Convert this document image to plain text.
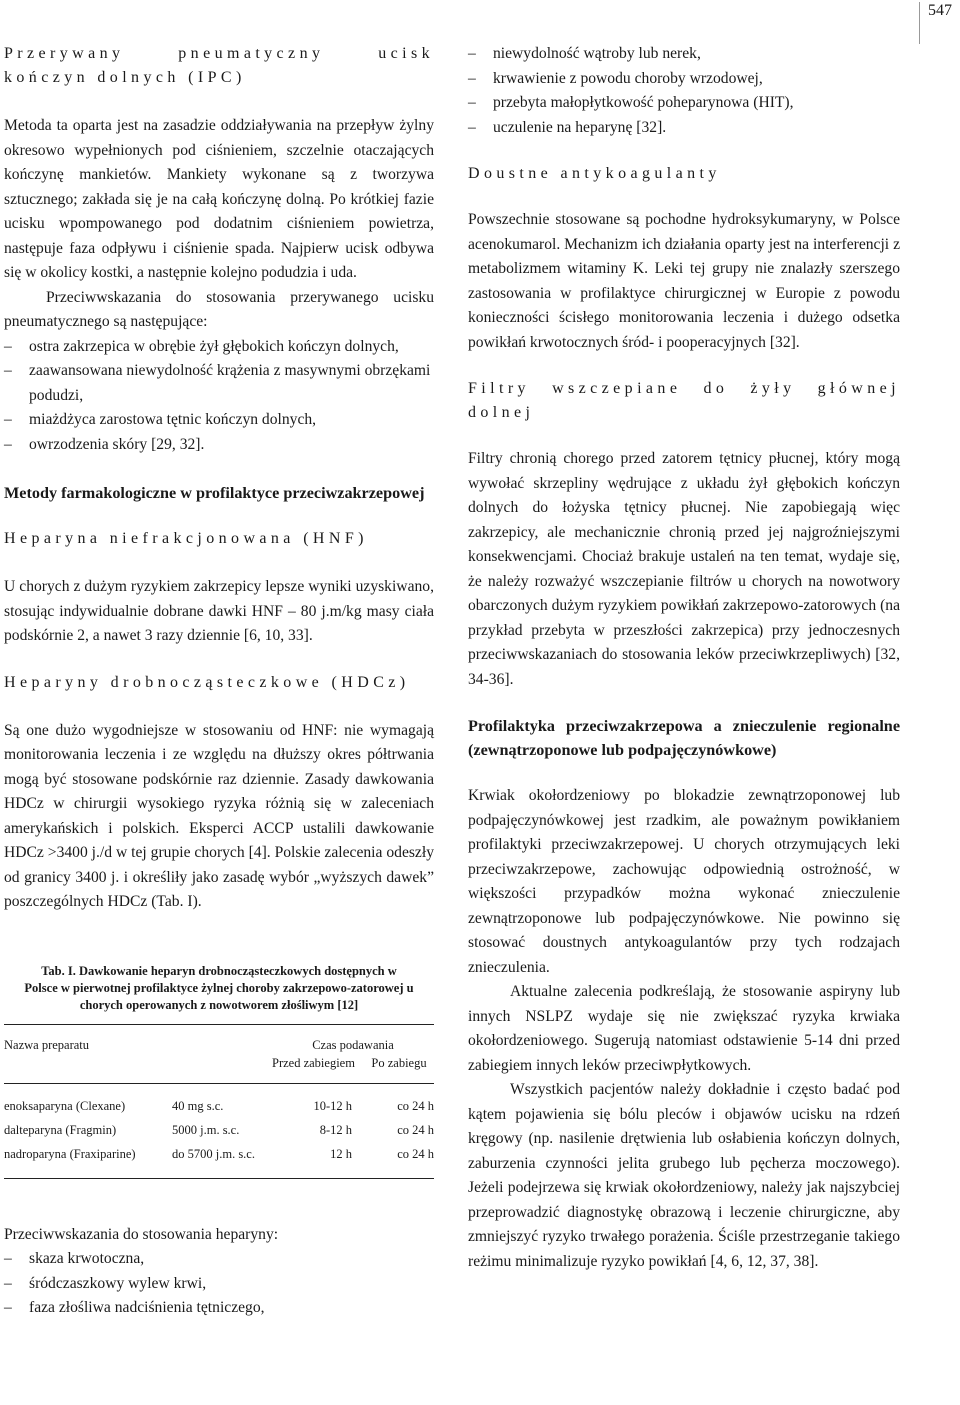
547

Przerywany pneumatyczny ucisk kończyn dolnych (IPC)

Metoda ta oparta jest na zasadzie oddziaływania na przepływ żylny okresowo wypełnionych pod ciśnieniem, szczelnie otaczających kończynę mankietów. Mankiety wykonane są z tworzywa sztucznego; zakłada się je na całą kończynę dolną. Po krótkiej fazie ucisku wpompowanego pod dodatnim ciśnieniem powietrza, następuje faza odpływu i ciśnienie spada. Najpierw ucisk odbywa się w okolicy kostki, a następnie kolejno podudzia i uda.

Przeciwwskazania do stosowania przerywanego ucisku pneumatycznego są następujące:

– ostra zakrzepica w obrębie żył głębokich kończyn dolnych,
– zaawansowana niewydolność krążenia z masywnymi obrzękami podudzi,
– miażdżyca zarostowa tętnic kończyn dolnych,
– owrzodzenia skóry [29, 32].

Metody farmakologiczne w profilaktyce przeciwzakrzepowej

Heparyna niefrakcjonowana (HNF)

U chorych z dużym ryzykiem zakrzepicy lepsze wyniki uzyskiwano, stosując indywidualnie dobrane dawki HNF – 80 j.m/kg masy ciała podskórnie 2, a nawet 3 razy dziennie [6, 10, 33].

Heparyny drobnocząsteczkowe (HDCz)

Są one dużo wygodniejsze w stosowaniu od HNF: nie wymagają monitorowania leczenia i ze względu na dłuższy okres półtrwania mogą być stosowane podskórnie raz dziennie. Zasady dawkowania HDCz w chirurgii wysokiego ryzyka różnią się w zaleceniach amerykańskich i polskich. Eksperci ACCP ustalili dawkowanie HDCz >3400 j./d w tej grupie chorych [4]. Polskie zalecenia odeszły od granicy 3400 j. i określiły jako zasadę wybór „wyższych dawek” poszczególnych HDCz (Tab. I).

Tab. I. Dawkowanie heparyn drobnocząsteczkowych dostępnych w Polsce w pierwotnej profilaktyce żylnej choroby zakrzepowo-zatorowej u chorych operowanych z nowotworem złośliwym [12]

Nazwa preparatu		Czas podawania
Przed zabiegiem Po zabiegu	

enoksaparyna (Clexane)	40 mg s.c.	10-12 h	co 24 h
dalteparyna (Fragmin)	5000 j.m. s.c.	8-12 h	co 24 h
nadroparyna (Fraxiparine)	do 5700 j.m. s.c.	12 h	co 24 h

Przeciwwskazania do stosowania heparyny:

– skaza krwotoczna,
– śródczaszkowy wylew krwi,
– faza złośliwa nadciśnienia tętniczego,
– niewydolność wątroby lub nerek,
– krwawienie z powodu choroby wrzodowej,
– przebyta małopłytkowość poheparynowa (HIT),
– uczulenie na heparynę [32].

Doustne antykoagulanty

Powszechnie stosowane są pochodne hydroksykumaryny, w Polsce acenokumarol. Mechanizm ich działania oparty jest na interferencji z metabolizmem witaminy K. Leki tej grupy nie znalazły szerszego zastosowania w profilaktyce chirurgicznej w Europie z powodu konieczności ścisłego monitorowania leczenia i dużego odsetka powikłań krwotocznych śród- i pooperacyjnych [32].

Filtry wszczepiane do żyły głównej dolnej

Filtry chronią chorego przed zatorem tętnicy płucnej, który mogą wywołać skrzepliny wędrujące z układu żył głębokich kończyn dolnych do łożyska tętnicy płucnej. Nie zapobiegają więc zakrzepicy, ale mechanicznie chronią przed jej najgroźniejszymi konsekwencjami. Chociaż brakuje ustaleń na ten temat, wydaje się, że należy rozważyć wszczepianie filtrów u chorych na nowotwory obarczonych dużym ryzykiem powikłań zakrzepowo-zatorowych (na przykład przebyta w przeszłości zakrzepica) przy jednoczesnych przeciwwskazaniach do stosowania leków przeciwkrzepliwych) [32, 34-36].

Profilaktyka przeciwzakrzepowa a znieczulenie regionalne (zewnątrzoponowe lub podpajęczynówkowe)

Krwiak okołordzeniowy po blokadzie zewnątrzoponowej lub podpajęczynówkowej jest rzadkim, ale poważnym powikłaniem profilaktyki przeciwzakrzepowej. U chorych otrzymujących leki przeciwzakrzepowe, zachowując odpowiednią ostrożność, w większości przypadków można wykonać znieczulenie zewnątrzoponowe lub podpajęczynówkowe. Nie powinno się stosować doustnych antykoagulantów przy tych rodzajach znieczulenia.

Aktualne zalecenia podkreślają, że stosowanie aspiryny lub innych NSLPZ wydaje się nie zwiększać ryzyka krwiaka okołordzeniowego. Sugerują natomiast odstawienie 5-14 dni przed zabiegiem innych leków przeciwpłytkowych.

Wszystkich pacjentów należy dokładnie i często badać pod kątem pojawienia się bólu pleców i objawów ucisku na rdzeń kręgowy (np. nasilenie drętwienia lub osłabienia kończyn dolnych, zaburzenia czynności jelita grubego lub pęcherza moczowego). Jeżeli podejrzewa się krwiak okołordzeniowy, należy jak najszybciej przeprowadzić diagnostykę obrazową i leczenie chirurgiczne, aby zmniejszyć ryzyko trwałego porażenia. Ściśle przestrzeganie takiego reżimu minimalizuje ryzyko powikłań [4, 6, 12, 37, 38].
